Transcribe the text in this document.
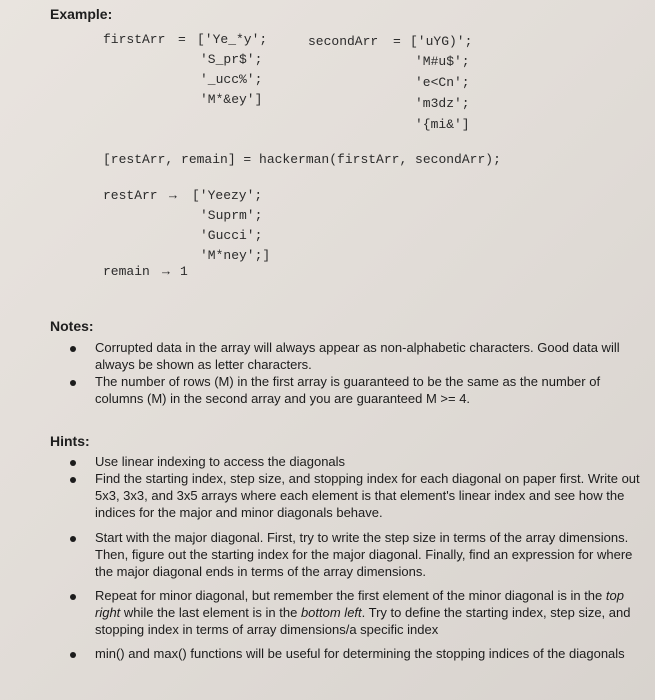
Example:
firstArr = ['Ye_*y';
'S_pr$';
'_ucc%';
'M*&ey']
secondArr = ['uYG)';
'M#u$';
'e<Cn';
'm3dz';
'{mi&']
[restArr, remain] = hackerman(firstArr, secondArr);
restArr → ['Yeezy';
'Suprm';
'Gucci';
'M*ney';]
remain → 1
Notes:
Corrupted data in the array will always appear as non-alphabetic characters. Good data will always be shown as letter characters.
The number of rows (M) in the first array is guaranteed to be the same as the number of columns (M) in the second array and you are guaranteed M >= 4.
Hints:
Use linear indexing to access the diagonals
Find the starting index, step size, and stopping index for each diagonal on paper first. Write out 5x3, 3x3, and 3x5 arrays where each element is that element's linear index and see how the indices for the major and minor diagonals behave.
Start with the major diagonal. First, try to write the step size in terms of the array dimensions. Then, figure out the starting index for the major diagonal. Finally, find an expression for where the major diagonal ends in terms of the array dimensions.
Repeat for minor diagonal, but remember the first element of the minor diagonal is in the top right while the last element is in the bottom left. Try to define the starting index, step size, and stopping index in terms of array dimensions/a specific index
min() and max() functions will be useful for determining the stopping indices of the diagonals
